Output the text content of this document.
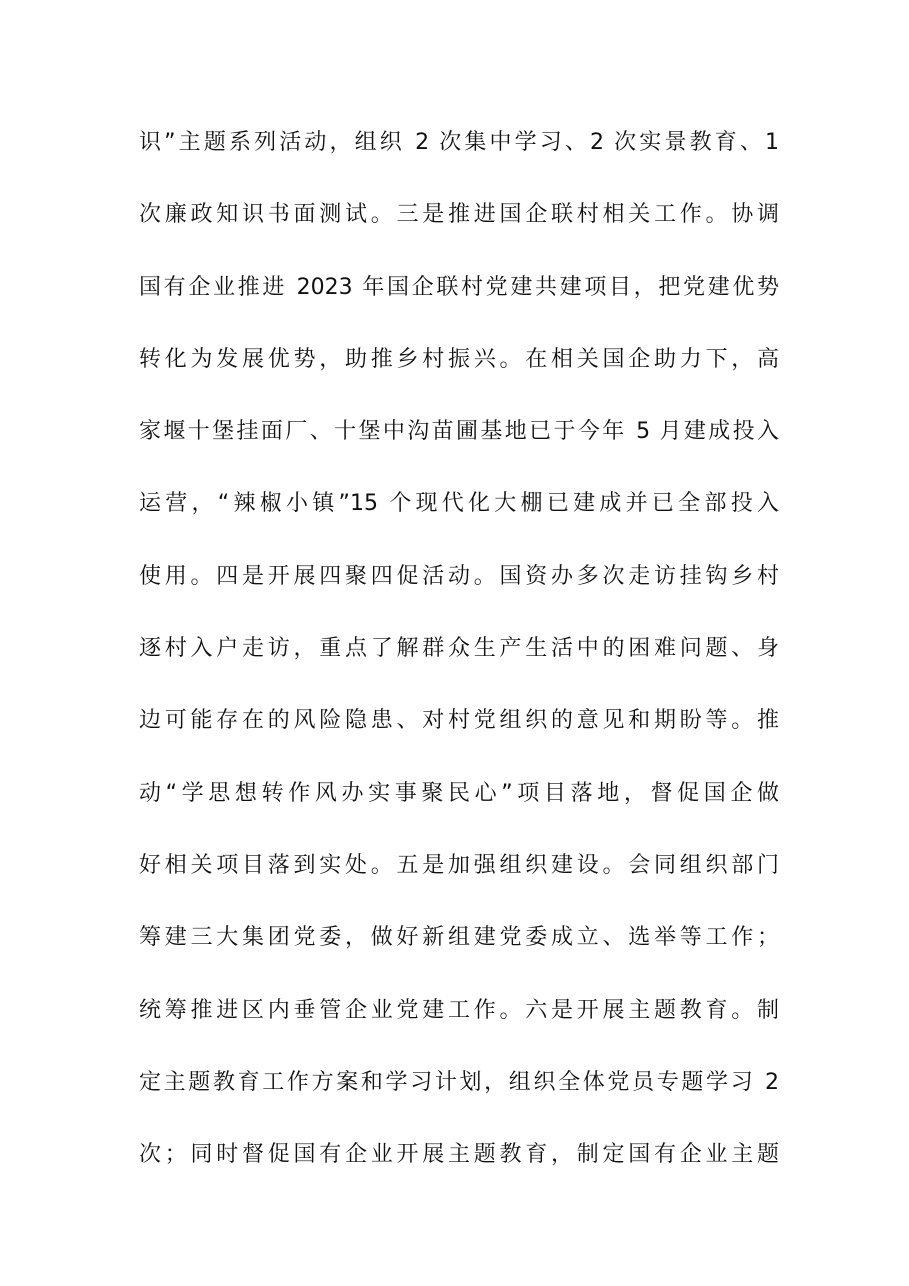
识”主题系列活动，组织 2 次集中学习、2 次实景教育、1
次廉政知识书面测试。三是推进国企联村相关工作。协调
国有企业推进 2023 年国企联村党建共建项目，把党建优势
转化为发展优势，助推乡村振兴。在相关国企助力下，高
家堰十堡挂面厂、十堡中沟苗圃基地已于今年 5 月建成投入
运营，“辣椒小镇”15 个现代化大棚已建成并已全部投入
使用。四是开展四聚四促活动。国资办多次走访挂钩乡村
逐村入户走访，重点了解群众生产生活中的困难问题、身
边可能存在的风险隐患、对村党组织的意见和期盼等。推
动“学思想转作风办实事聚民心”项目落地，督促国企做
好相关项目落到实处。五是加强组织建设。会同组织部门
筹建三大集团党委，做好新组建党委成立、选举等工作；
统筹推进区内垂管企业党建工作。六是开展主题教育。制
定主题教育工作方案和学习计划，组织全体党员专题学习 2
次；同时督促国有企业开展主题教育，制定国有企业主题
